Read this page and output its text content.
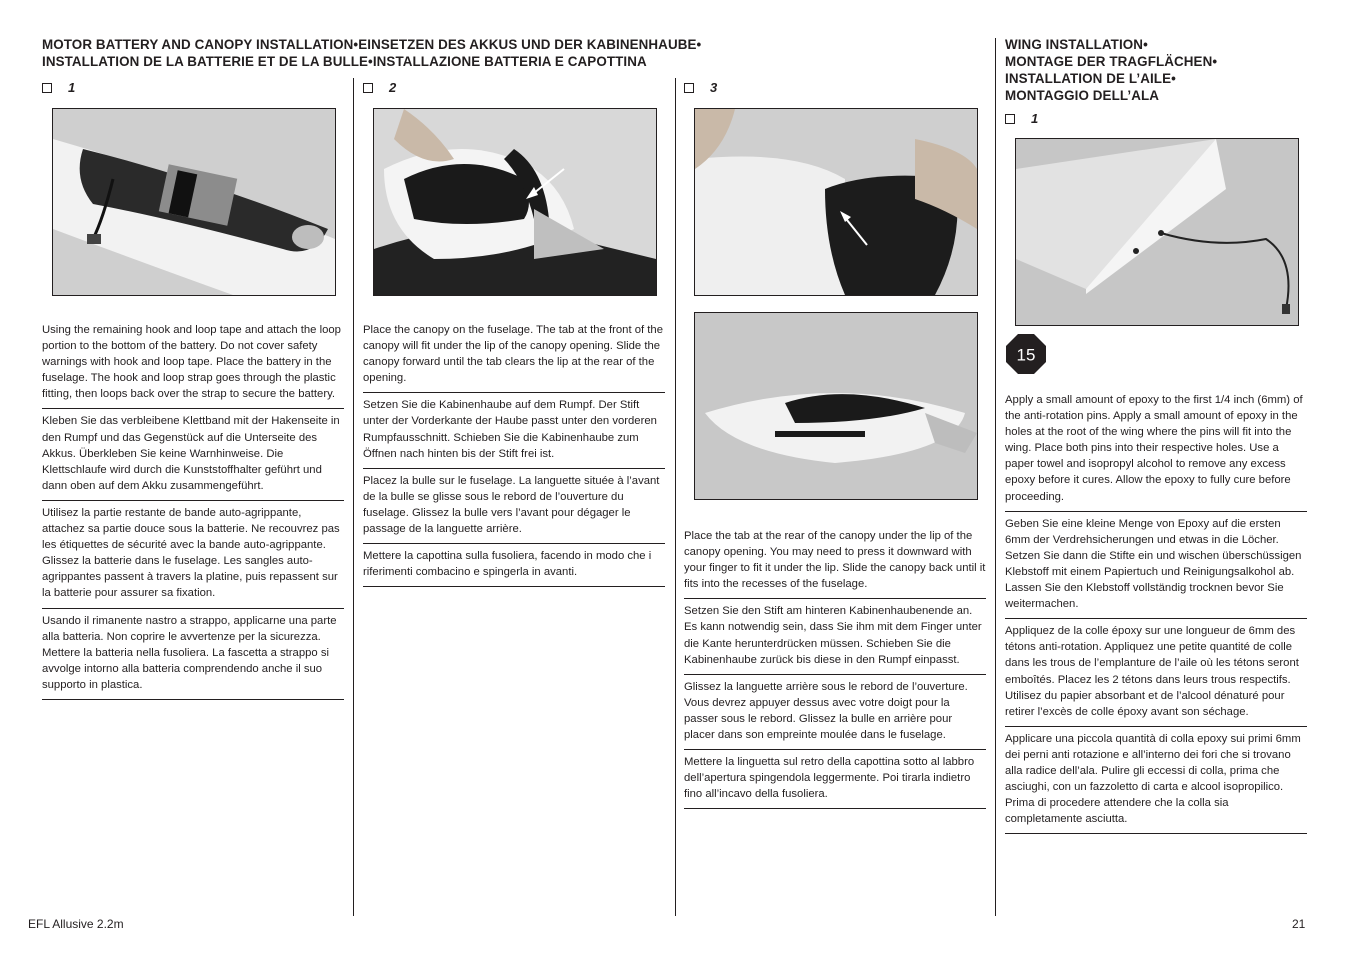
MOTOR BATTERY AND CANOPY INSTALLATION•EINSETZEN DES AKKUS UND DER KABINENHAUBE•
INSTALLATION DE LA BATTERIE ET DE LA BULLE•INSTALLAZIONE BATTERIA E CAPOTTINA
WING INSTALLATION•
MONTAGE DER TRAGFLÄCHEN•
INSTALLATION DE L’AILE•
MONTAGGIO DELL’ALA
1	2	3
1
15
Using the remaining hook and loop tape and attach the loop portion to the bottom of the battery. Do not cover safety warnings with hook and loop tape. Place the battery in the fuselage. The hook and loop strap goes through the plastic fitting, then loops back over the strap to secure the battery.
Kleben Sie das verbleibene Klettband mit der Hakenseite in den Rumpf und das Gegenstück auf die Unterseite des Akkus. Überkleben Sie keine Warnhinweise. Die Klettschlaufe wird durch die Kunststoffhalter geführt und dann oben auf dem Akku zusammengeführt.
Utilisez la partie restante de bande auto-agrippante, attachez sa partie douce sous la batterie. Ne recouvrez pas les étiquettes de sécurité avec la bande auto-agrippante. Glissez la batterie dans le fuselage. Les sangles auto-agrippantes passent à travers la platine, puis repassent sur la batterie pour assurer sa fixation.
Usando il rimanente nastro a strappo, applicarne una parte alla batteria. Non coprire le avvertenze per la sicurezza. Mettere la batteria nella fusoliera. La fascetta a strappo si avvolge intorno alla batteria comprendendo anche il suo supporto in plastica.
Place the canopy on the fuselage. The tab at the front of the canopy will fit under the lip of the canopy opening. Slide the canopy forward until the tab clears the lip at the rear of the opening.
Setzen Sie die Kabinenhaube auf dem Rumpf. Der Stift unter der Vorderkante der Haube passt unter den vorderen Rumpfausschnitt. Schieben Sie die Kabinenhaube zum Öffnen nach hinten bis der Stift frei ist.
Placez la bulle sur le fuselage. La languette située à l’avant de la bulle se glisse sous le rebord de l’ouverture du fuselage. Glissez la bulle vers l’avant pour dégager le passage de la languette arrière.
Mettere la capottina sulla fusoliera, facendo in modo che i riferimenti combacino e spingerla in avanti.
Place the tab at the rear of the canopy under the lip of the canopy opening. You may need to press it downward with your finger to fit it under the lip. Slide the canopy back until it fits into the recesses of the fuselage.
Setzen Sie den Stift am hinteren Kabinenhaubenende an. Es kann notwendig sein, dass Sie ihm mit dem Finger unter die Kante herunterdrücken müssen. Schieben Sie die Kabinenhaube zurück bis diese in den Rumpf einpasst.
Glissez la languette arrière sous le rebord de l’ouverture. Vous devrez appuyer dessus avec votre doigt pour la passer sous le rebord. Glissez la bulle en arrière pour placer dans son empreinte moulée dans le fuselage.
Mettere la linguetta sul retro della capottina sotto al labbro dell’apertura spingendola leggermente. Poi tirarla indietro fino all’incavo della fusoliera.
Apply a small amount of epoxy to the first 1/4 inch (6mm) of the anti-rotation pins. Apply a small amount of epoxy in the holes at the root of the wing where the pins will fit into the wing. Place both pins into their respective holes. Use a paper towel and isopropyl alcohol to remove any excess epoxy before it cures. Allow the epoxy to fully cure before proceeding.
Geben Sie eine kleine Menge von Epoxy auf die ersten 6mm der Verdrehsicherungen und etwas in die Löcher. Setzen Sie dann die Stifte ein und wischen überschüssigen Klebstoff mit einem Papiertuch und Reinigungsalkohol ab. Lassen Sie den Klebstoff vollständig trocknen bevor Sie weitermachen.
Appliquez de la colle époxy sur une longueur de 6mm des tétons anti-rotation. Appliquez une petite quantité de colle dans les trous de l’emplanture de l’aile où les tétons seront emboîtés. Placez les 2 tétons dans leurs trous respectifs. Utilisez du papier absorbant et de l’alcool dénaturé pour retirer l’excès de colle époxy avant son séchage.
Applicare una piccola quantità di colla epoxy sui primi 6mm dei perni anti rotazione e all’interno dei fori che si trovano alla radice dell’ala. Pulire gli eccessi di colla, prima che asciughi, con un fazzoletto di carta e alcool isopropilico. Prima di procedere attendere che la colla sia completamente asciutta.
EFL Allusive 2.2m	21
